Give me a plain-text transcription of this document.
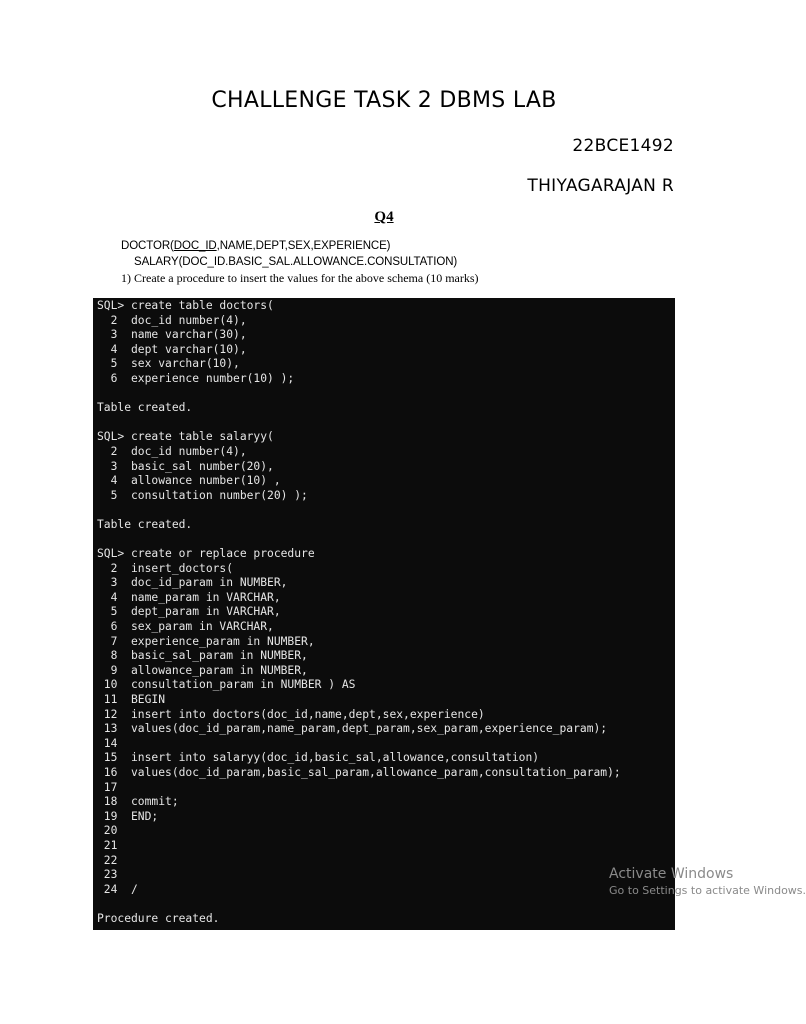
CHALLENGE TASK 2 DBMS LAB
22BCE1492
THIYAGARAJAN R
Q4
DOCTOR(DOC_ID,NAME,DEPT,SEX,EXPERIENCE)
SALARY(DOC_ID.BASIC_SAL.ALLOWANCE.CONSULTATION)
1) Create a procedure to insert the values for the above schema (10 marks)
SQL> create table doctors(
2  doc_id number(4),
3  name varchar(30),
4  dept varchar(10),
5  sex varchar(10),
6  experience number(10) );

Table created.

SQL> create table salaryy(
2  doc_id number(4),
3  basic_sal number(20),
4  allowance number(10) ,
5  consultation number(20) );

Table created.

SQL> create or replace procedure
2  insert_doctors(
3  doc_id_param in NUMBER,
4  name_param in VARCHAR,
5  dept_param in VARCHAR,
6  sex_param in VARCHAR,
7  experience_param in NUMBER,
8  basic_sal_param in NUMBER,
9  allowance_param in NUMBER,
10  consultation_param in NUMBER ) AS
11  BEGIN
12  insert into doctors(doc_id,name,dept,sex,experience)
13  values(doc_id_param,name_param,dept_param,sex_param,experience_param);
14
15  insert into salaryy(doc_id,basic_sal,allowance,consultation)
16  values(doc_id_param,basic_sal_param,allowance_param,consultation_param);
17
18  commit;
19  END;
20
21
22
23
24  /

Procedure created.

Activate Windows
Go to Settings to activate Windows.
